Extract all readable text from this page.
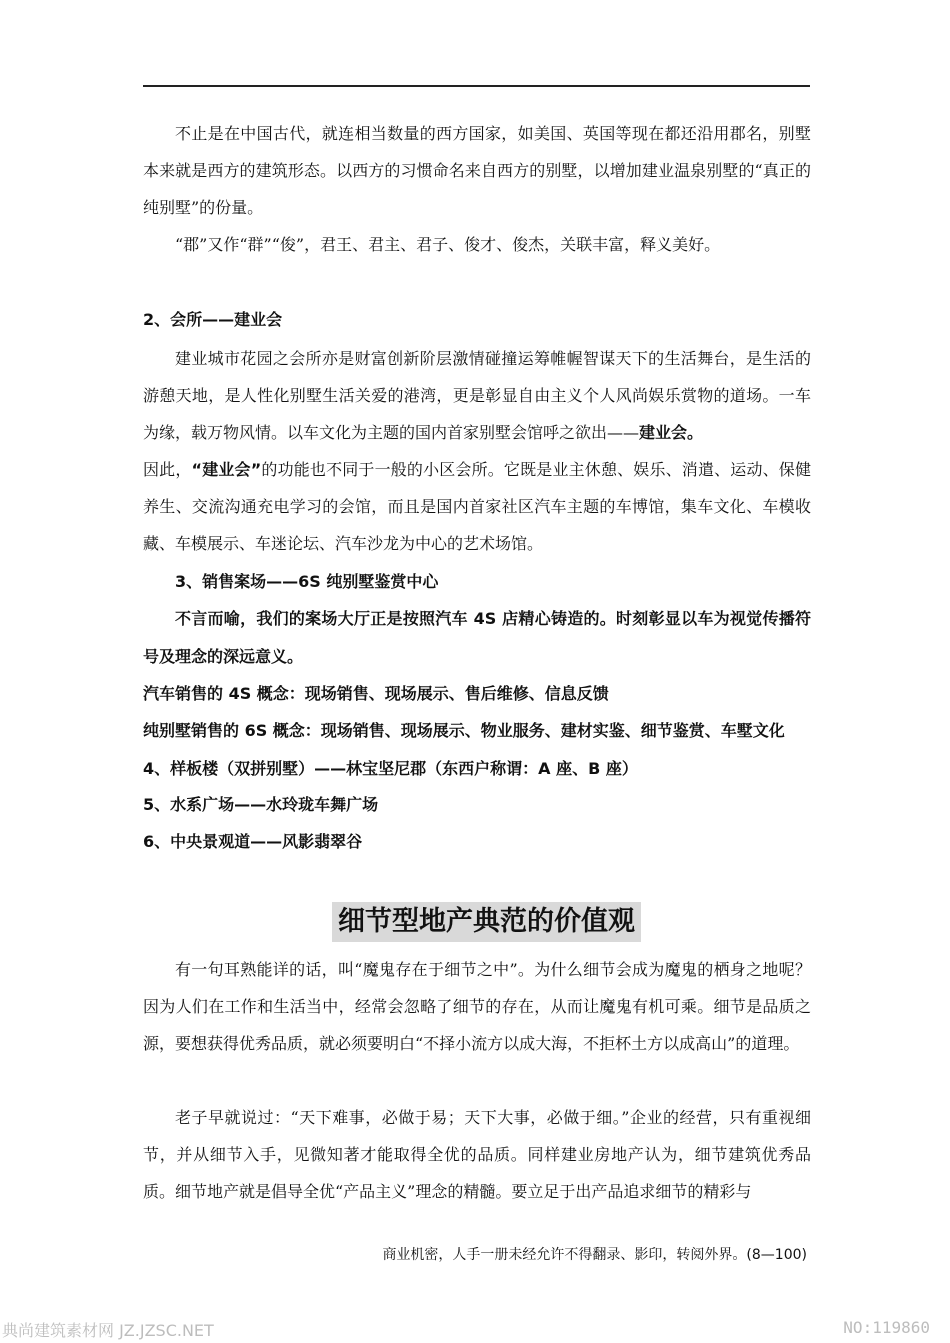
不止是在中国古代，就连相当数量的西方国家，如美国、英国等现在都还沿用郡名，别墅本来就是西方的建筑形态。以西方的习惯命名来自西方的别墅，以增加建业温泉别墅的“真正的纯别墅”的份量。

“郡”又作“群”“俊”，君王、君主、君子、俊才、俊杰，关联丰富，释义美好。

2、会所——建业会

建业城市花园之会所亦是财富创新阶层激情碰撞运筹帷幄智谋天下的生活舞台，是生活的游憩天地，是人性化别墅生活关爱的港湾，更是彰显自由主义个人风尚娱乐赏物的道场。一车为缘，载万物风情。以车文化为主题的国内首家别墅会馆呼之欲出——建业会。

因此，“建业会”的功能也不同于一般的小区会所。它既是业主休憩、娱乐、消遣、运动、保健养生、交流沟通充电学习的会馆，而且是国内首家社区汽车主题的车博馆，集车文化、车模收藏、车模展示、车迷论坛、汽车沙龙为中心的艺术场馆。

3、销售案场——6S 纯别墅鉴赏中心

不言而喻，我们的案场大厅正是按照汽车 4S 店精心铸造的。时刻彰显以车为视觉传播符号及理念的深远意义。

汽车销售的 4S 概念：现场销售、现场展示、售后维修、信息反馈

纯别墅销售的 6S 概念：现场销售、现场展示、物业服务、建材实鉴、细节鉴赏、车墅文化

4、样板楼（双拼别墅）——林宝坚尼郡（东西户称谓：A 座、B 座）

5、水系广场——水玲珑车舞广场

6、中央景观道——风影翡翠谷

细节型地产典范的价值观

有一句耳熟能详的话，叫“魔鬼存在于细节之中”。为什么细节会成为魔鬼的栖身之地呢？因为人们在工作和生活当中，经常会忽略了细节的存在，从而让魔鬼有机可乘。细节是品质之源，要想获得优秀品质，就必须要明白“不择小流方以成大海，不拒杯土方以成高山”的道理。

老子早就说过：“天下难事，必做于易；天下大事，必做于细。”企业的经营，只有重视细节，并从细节入手，见微知著才能取得全优的品质。同样建业房地产认为，细节建筑优秀品质。细节地产就是倡导全优“产品主义”理念的精髓。要立足于出产品追求细节的精彩与

商业机密，人手一册未经允许不得翻录、影印，转阅外界。(8—100)
典尚建筑素材网 JZ.JZSC.NET	NO:119860
